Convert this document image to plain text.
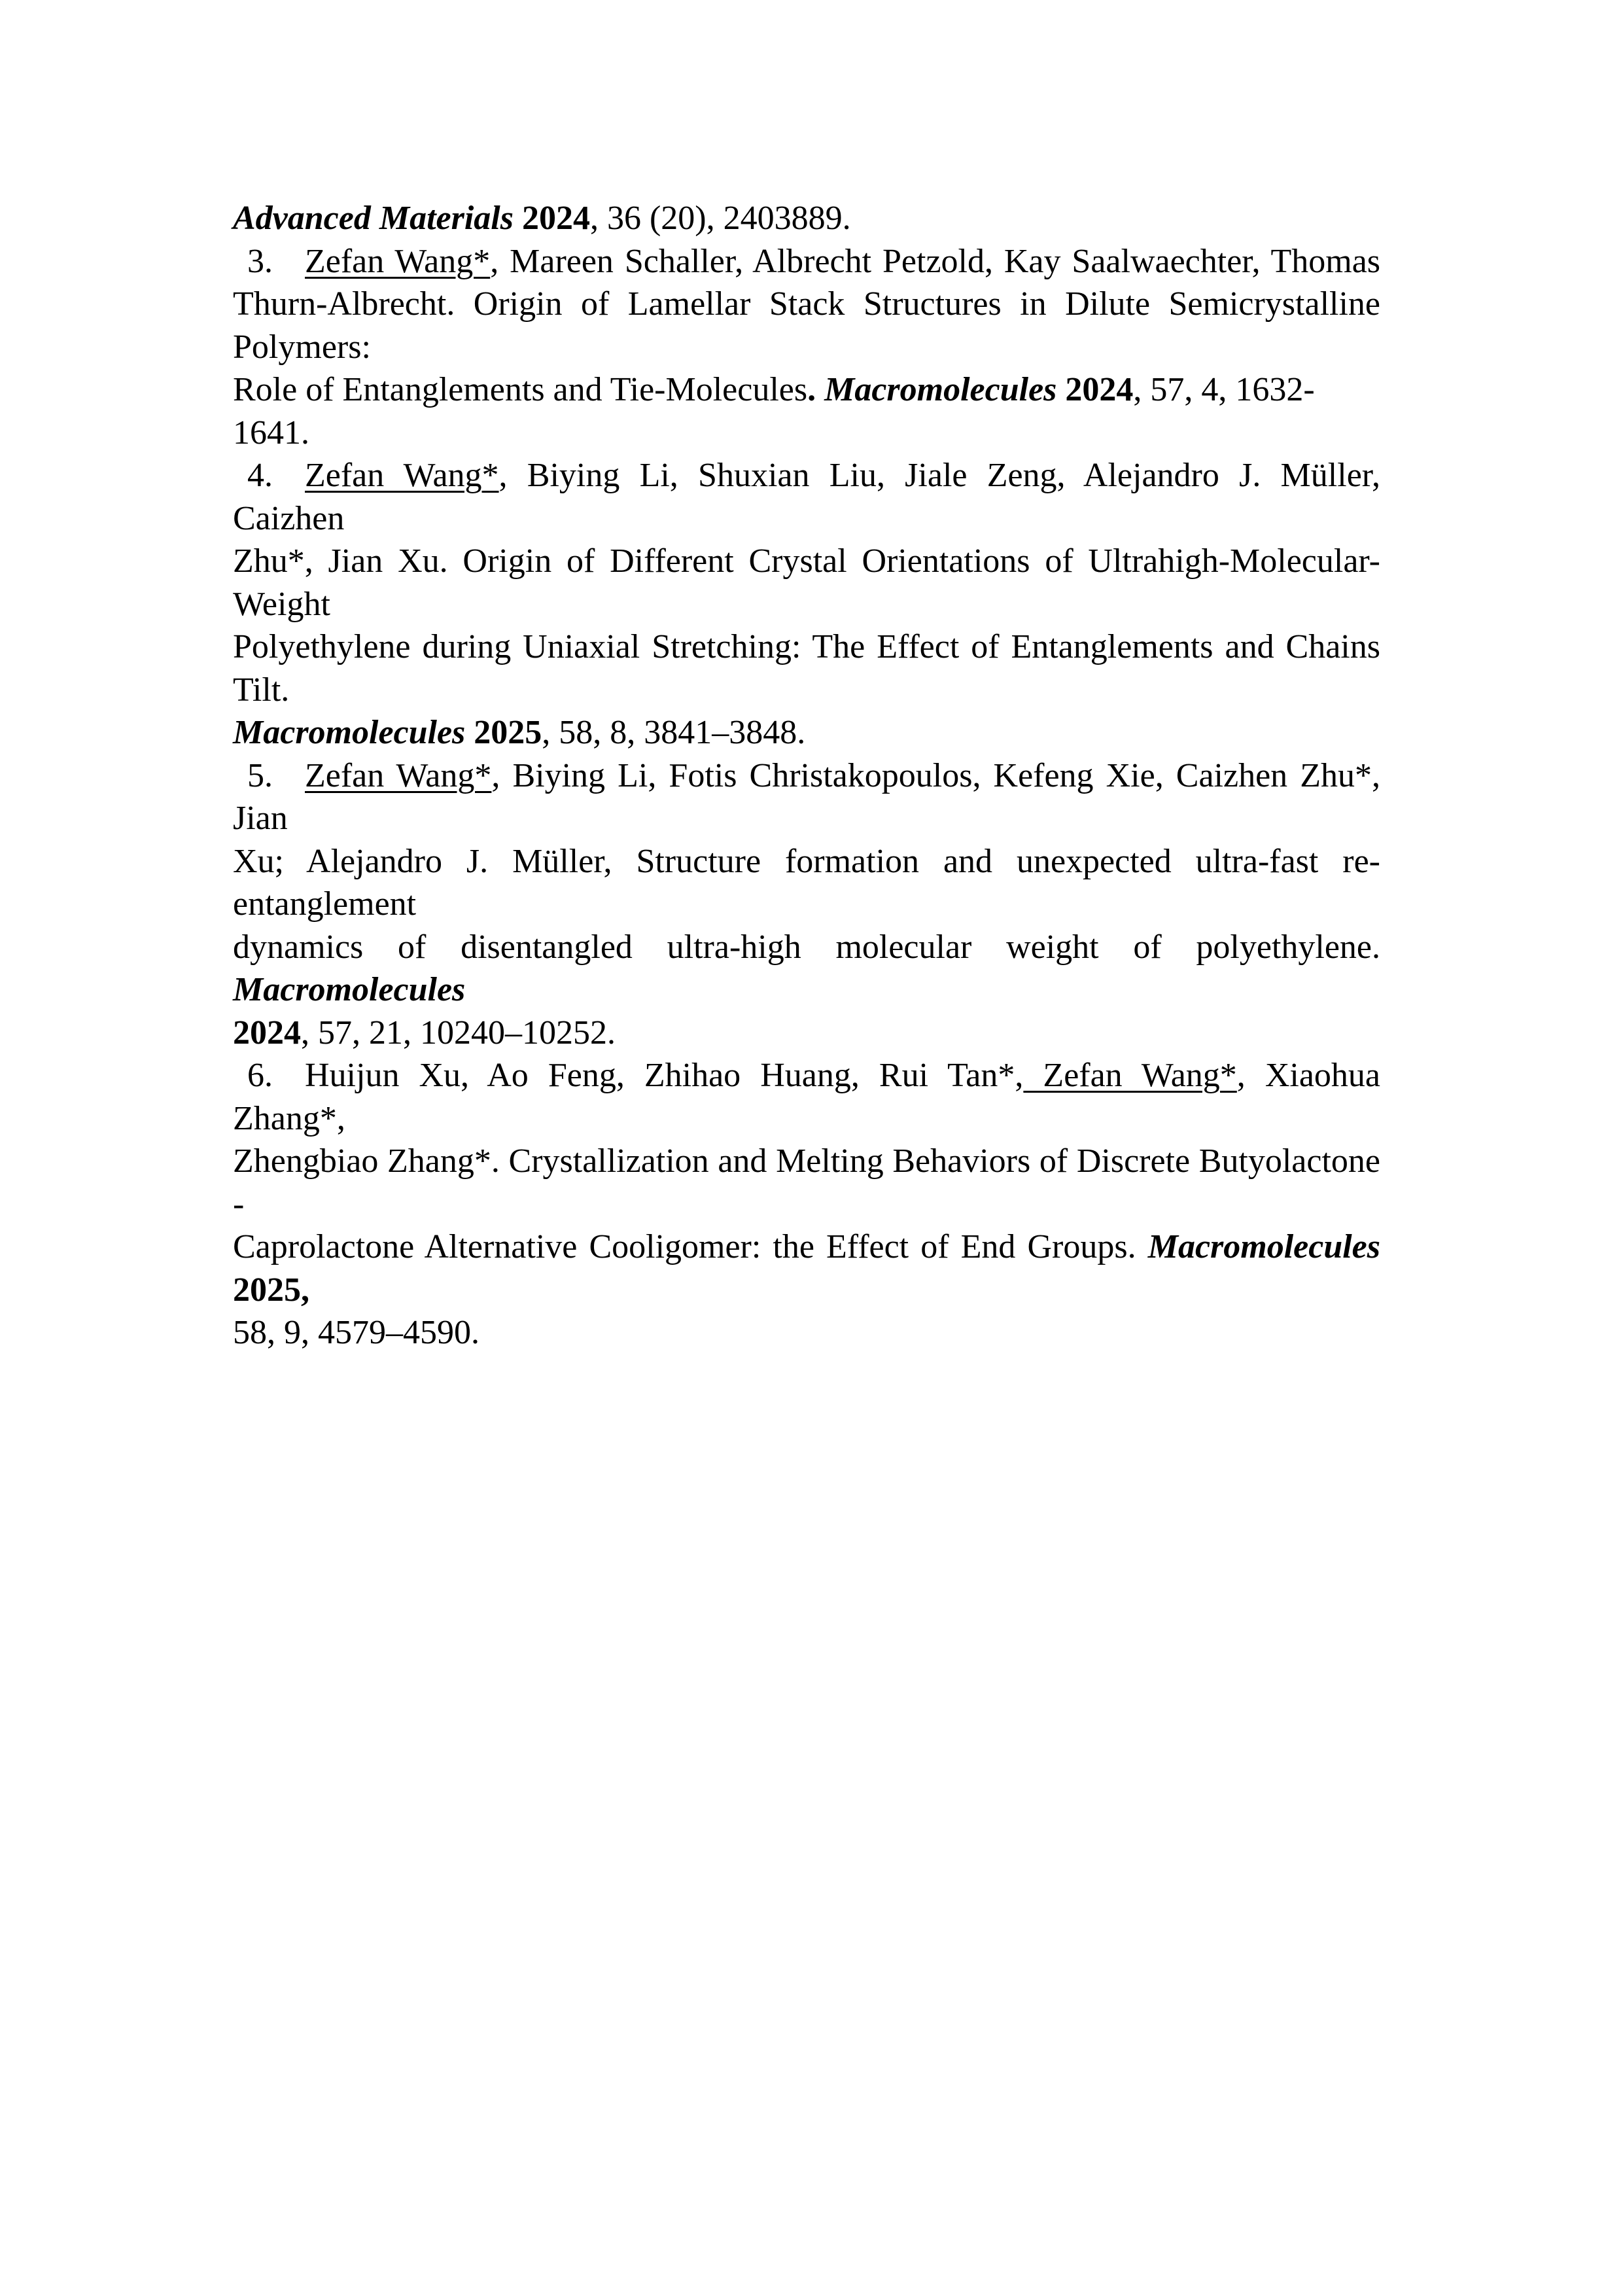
Advanced Materials 2024, 36 (20), 2403889.
3. Zefan Wang*, Mareen Schaller, Albrecht Petzold, Kay Saalwaechter, Thomas
Thurn-Albrecht. Origin of Lamellar Stack Structures in Dilute Semicrystalline Polymers:
Role of Entanglements and Tie-Molecules. Macromolecules 2024, 57, 4, 1632-1641.
4. Zefan Wang*, Biying Li, Shuxian Liu, Jiale Zeng, Alejandro J. Müller, Caizhen
Zhu*, Jian Xu. Origin of Different Crystal Orientations of Ultrahigh-Molecular-Weight
Polyethylene during Uniaxial Stretching: The Effect of Entanglements and Chains Tilt.
Macromolecules 2025, 58, 8, 3841–3848.
5. Zefan Wang*, Biying Li, Fotis Christakopoulos, Kefeng Xie, Caizhen Zhu*, Jian
Xu; Alejandro J. Müller, Structure formation and unexpected ultra-fast re-entanglement
dynamics of disentangled ultra-high molecular weight of polyethylene. Macromolecules
2024, 57, 21, 10240–10252.
6. Huijun Xu, Ao Feng, Zhihao Huang, Rui Tan*, Zefan Wang*, Xiaohua Zhang*,
Zhengbiao Zhang*. Crystallization and Melting Behaviors of Discrete Butyolactone -
Caprolactone Alternative Cooligomer: the Effect of End Groups. Macromolecules 2025,
58, 9, 4579–4590.
